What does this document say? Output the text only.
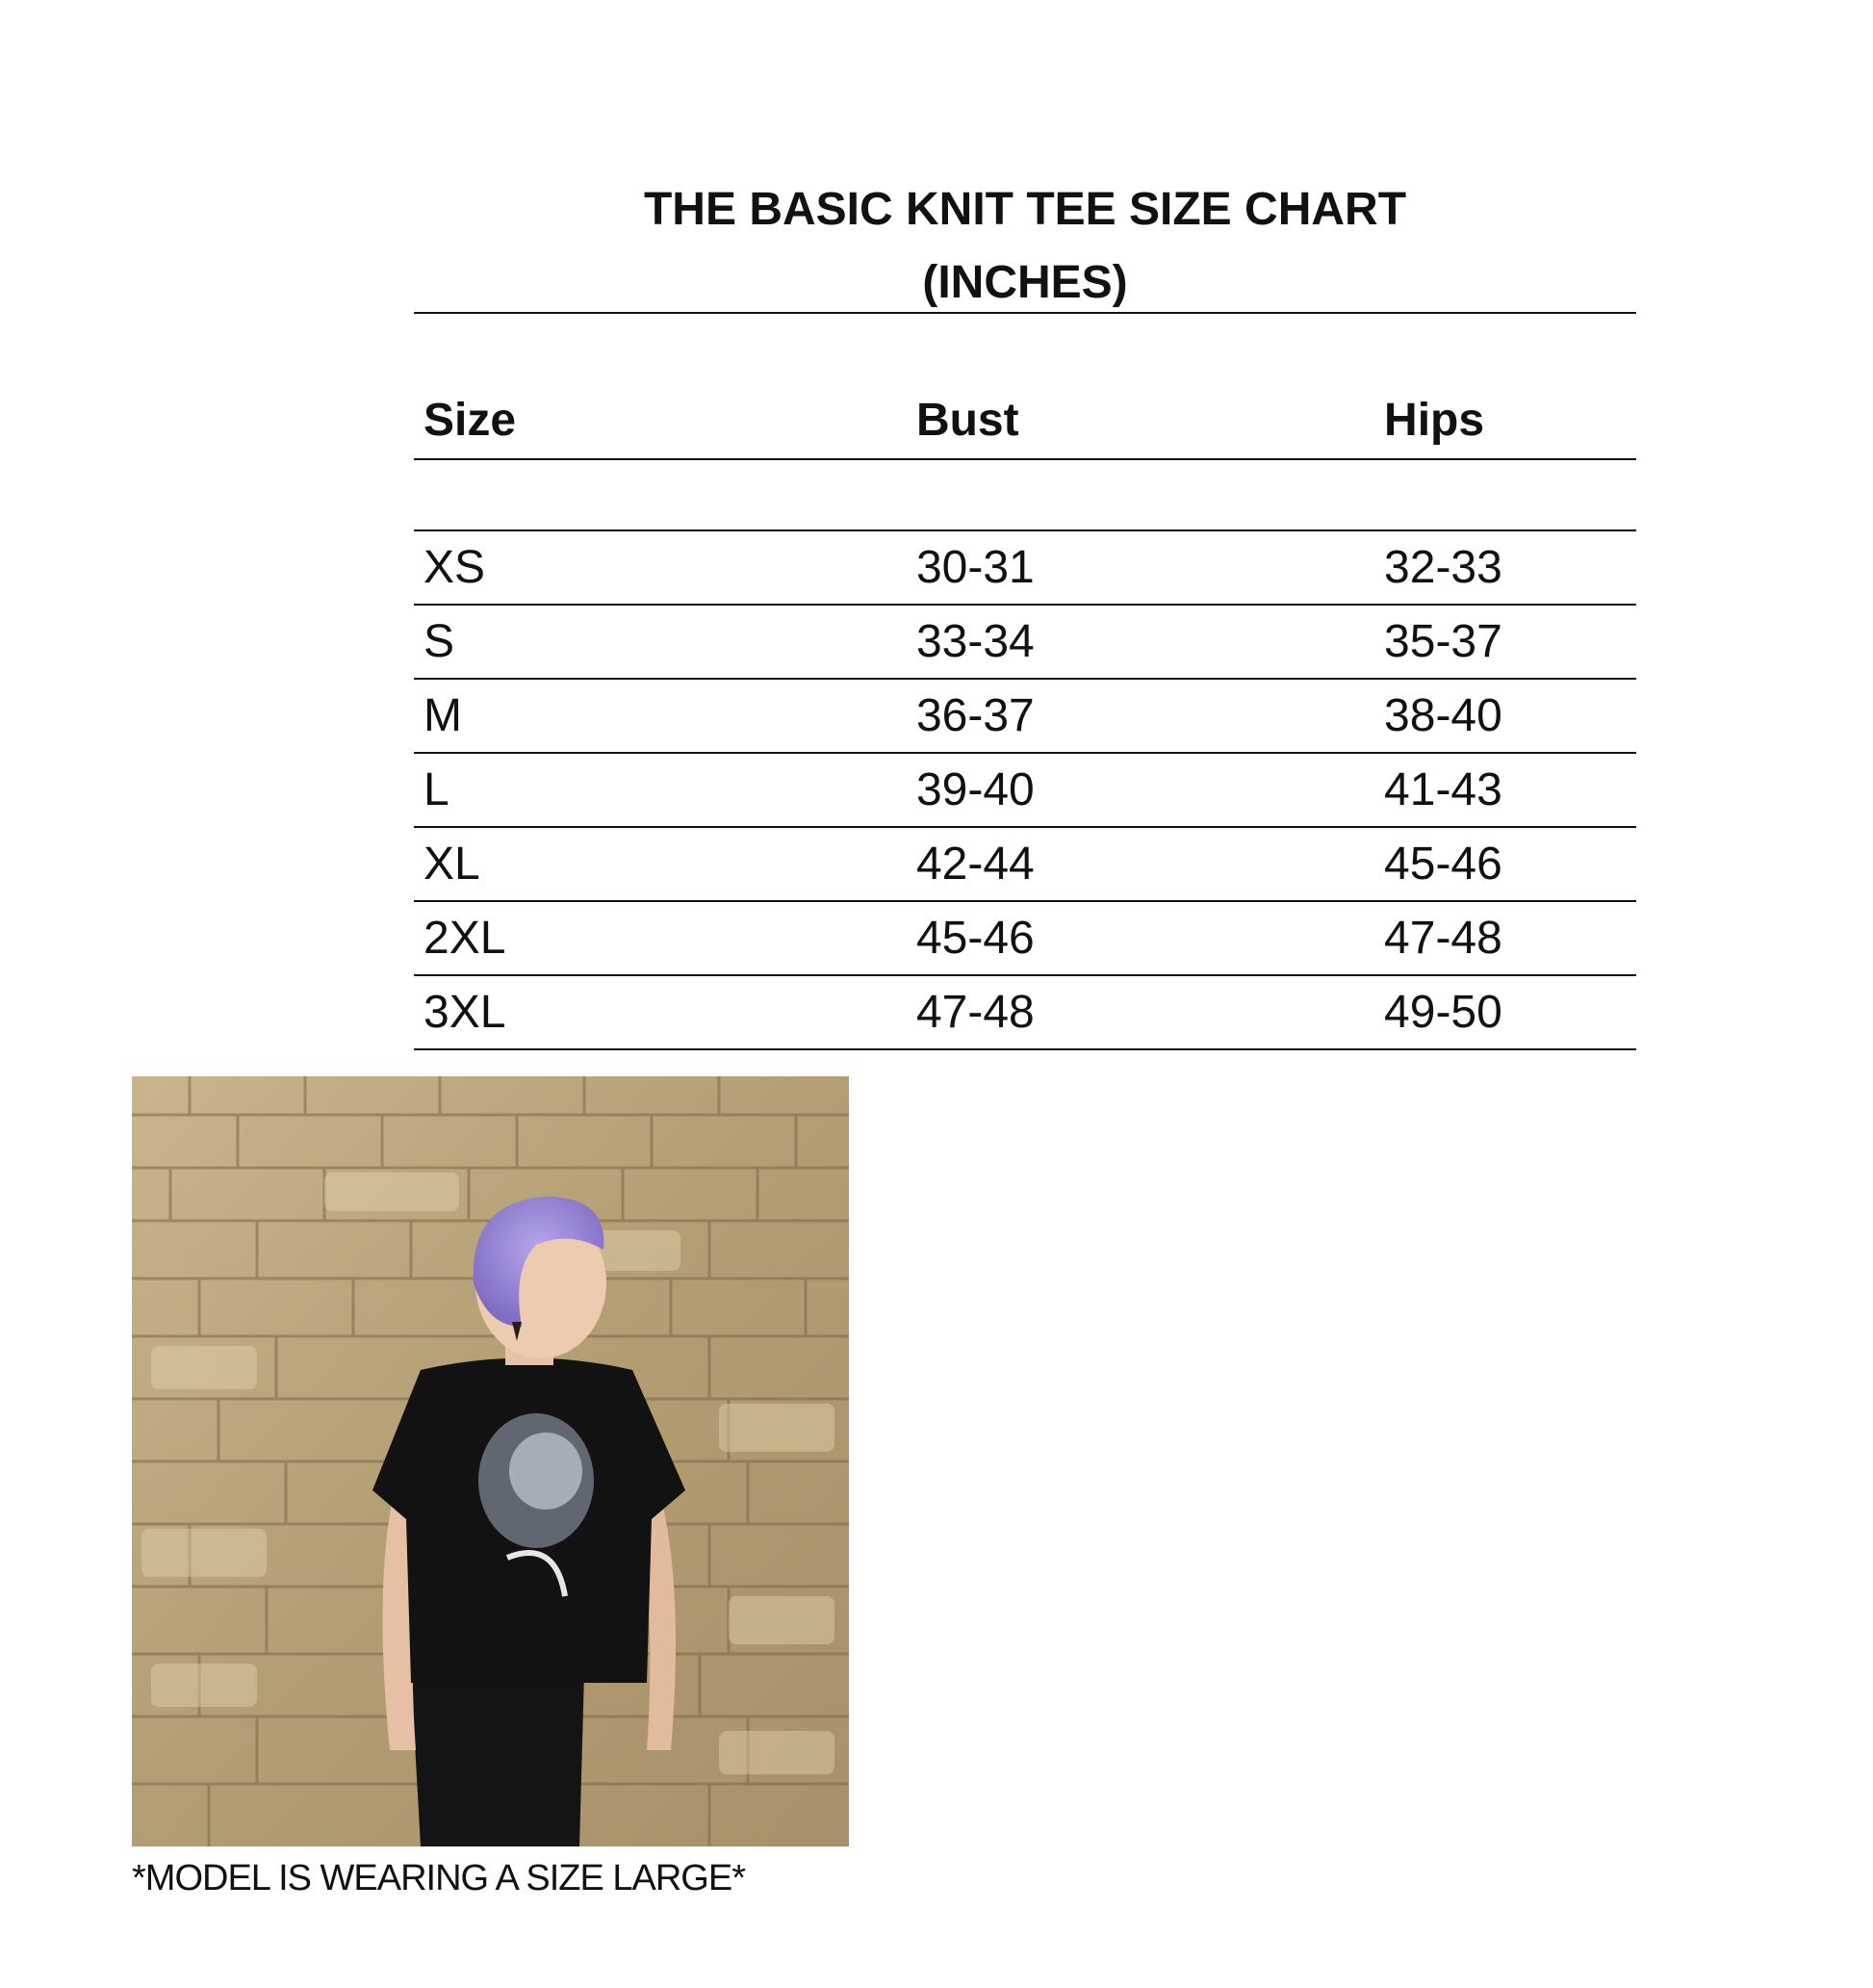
THE BASIC KNIT TEE SIZE CHART
(INCHES)
Size	Bust	Hips

XS	30-31	32-33
S	33-34	35-37
M	36-37	38-40
L	39-40	41-43
XL	42-44	45-46
2XL	45-46	47-48
3XL	47-48	49-50
*MODEL IS WEARING A SIZE LARGE*
